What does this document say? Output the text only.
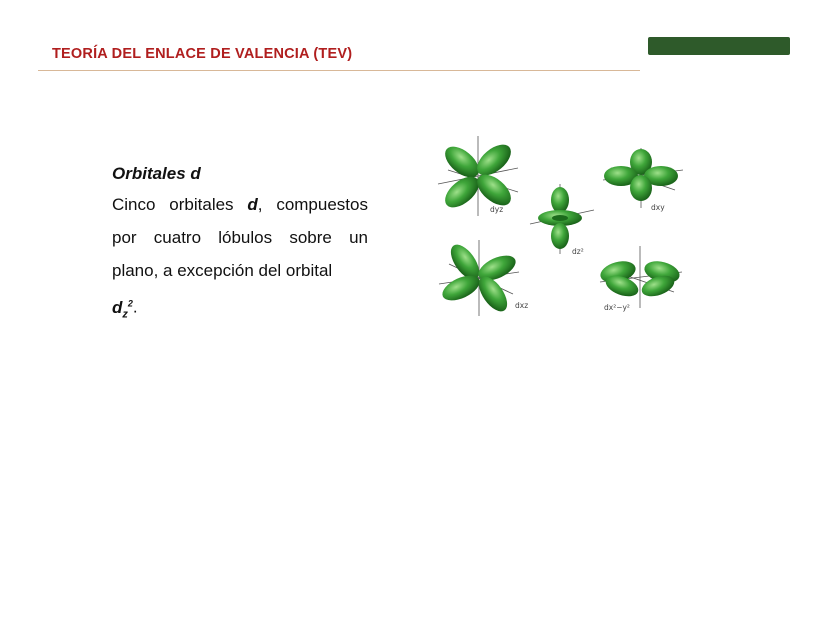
TEORÍA DEL ENLACE DE VALENCIA (TEV)
Orbitales d
Cinco orbitales d, compuestos por cuatro lóbulos sobre un plano, a excepción del orbital
$d_z^2$.
dyz	dxy
dz²
dxz	dx²−y²
